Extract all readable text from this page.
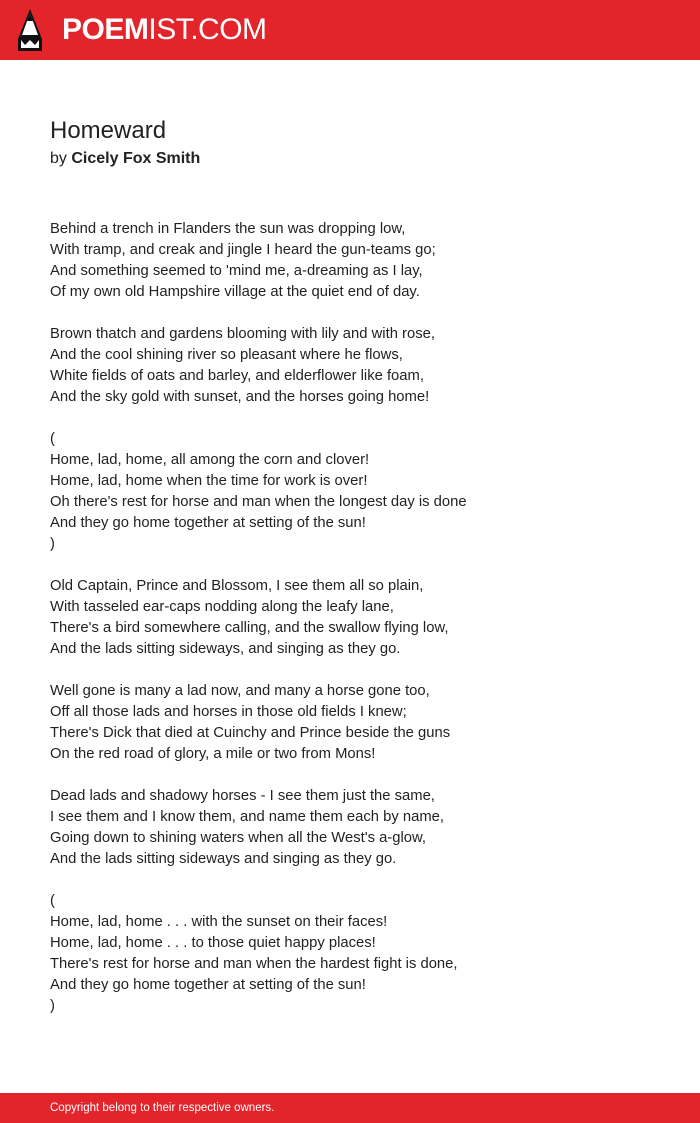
POEMIST.COM
Homeward
by Cicely Fox Smith
Behind a trench in Flanders the sun was dropping low,
With tramp, and creak and jingle I heard the gun-teams go;
And something seemed to 'mind me, a-dreaming as I lay,
Of my own old Hampshire village at the quiet end of day.
Brown thatch and gardens blooming with lily and with rose,
And the cool shining river so pleasant where he flows,
White fields of oats and barley, and elderflower like foam,
And the sky gold with sunset, and the horses going home!
(
Home, lad, home, all among the corn and clover!
Home, lad, home when the time for work is over!
Oh there's rest for horse and man when the longest day is done
And they go home together at setting of the sun!
)
Old Captain, Prince and Blossom, I see them all so plain,
With tasseled ear-caps nodding along the leafy lane,
There's a bird somewhere calling, and the swallow flying low,
And the lads sitting sideways, and singing as they go.
Well gone is many a lad now, and many a horse gone too,
Off all those lads and horses in those old fields I knew;
There's Dick that died at Cuinchy and Prince beside the guns
On the red road of glory, a mile or two from Mons!
Dead lads and shadowy horses - I see them just the same,
I see them and I know them, and name them each by name,
Going down to shining waters when all the West's a-glow,
And the lads sitting sideways and singing as they go.
(
Home, lad, home . . . with the sunset on their faces!
Home, lad, home . . . to those quiet happy places!
There's rest for horse and man when the hardest fight is done,
And they go home together at setting of the sun!
)
Copyright belong to their respective owners.
